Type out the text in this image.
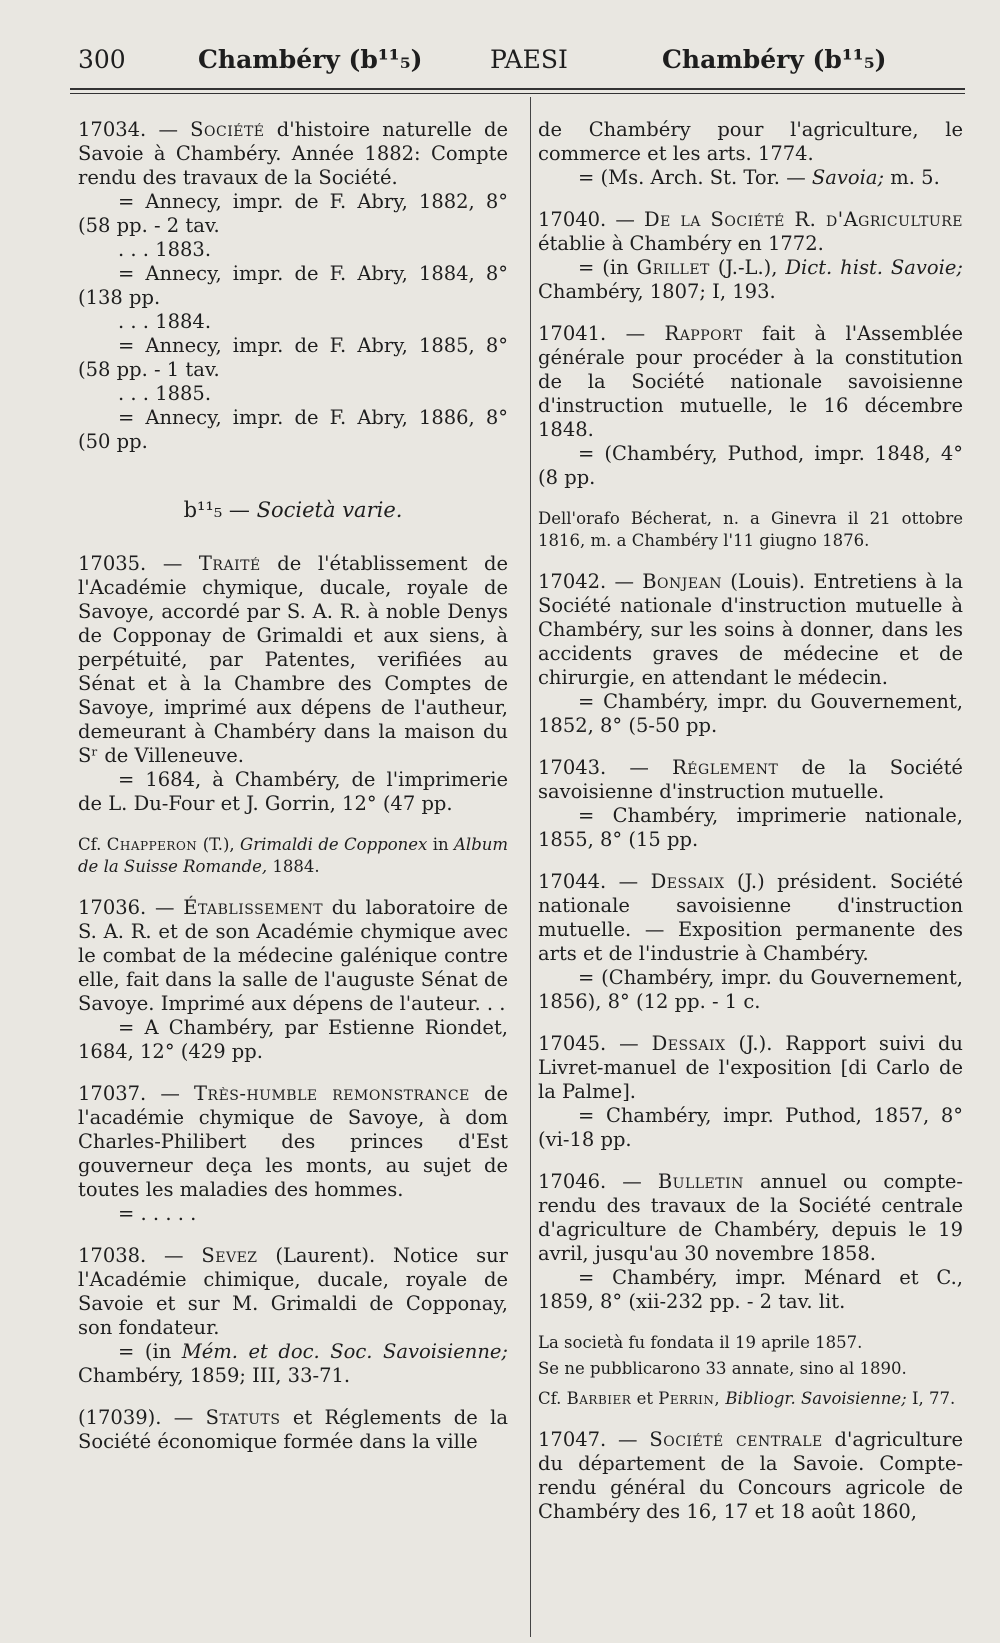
300	Chambéry (b¹¹₅)	PAESI	Chambéry (b¹¹₅)

17034. — Société d'histoire naturelle de Savoie à Chambéry. Année 1882: Compte rendu des travaux de la Société.

= Annecy, impr. de F. Abry, 1882, 8° (58 pp. - 2 tav.

. . . 1883.

= Annecy, impr. de F. Abry, 1884, 8° (138 pp.

. . . 1884.

= Annecy, impr. de F. Abry, 1885, 8° (58 pp. - 1 tav.

. . . 1885.

= Annecy, impr. de F. Abry, 1886, 8° (50 pp.

b¹¹₅ — Società varie.

17035. — Traité de l'établissement de l'Académie chymique, ducale, royale de Savoye, accordé par S. A. R. à noble Denys de Copponay de Grimaldi et aux siens, à perpétuité, par Patentes, verifiées au Sénat et à la Chambre des Comptes de Savoye, imprimé aux dépens de l'autheur, demeurant à Chambéry dans la maison du Sʳ de Villeneuve.

= 1684, à Chambéry, de l'imprimerie de L. Du-Four et J. Gorrin, 12° (47 pp.

Cf. Chapperon (T.), Grimaldi de Copponex in Album de la Suisse Romande, 1884.

17036. — Établissement du laboratoire de S. A. R. et de son Académie chymique avec le combat de la médecine galénique contre elle, fait dans la salle de l'auguste Sénat de Savoye. Imprimé aux dépens de l'auteur. . .

= A Chambéry, par Estienne Riondet, 1684, 12° (429 pp.

17037. — Très-humble remonstrance de l'académie chymique de Savoye, à dom Charles-Philibert des princes d'Est gouverneur deça les monts, au sujet de toutes les maladies des hommes.

= . . . . .

17038. — Sevez (Laurent). Notice sur l'Académie chimique, ducale, royale de Savoie et sur M. Grimaldi de Copponay, son fondateur.

= (in Mém. et doc. Soc. Savoisienne; Chambéry, 1859; III, 33-71.

(17039). — Statuts et Réglements de la Société économique formée dans la ville

de Chambéry pour l'agriculture, le commerce et les arts. 1774.

= (Ms. Arch. St. Tor. — Savoia; m. 5.

17040. — De la Société R. d'Agriculture établie à Chambéry en 1772.

= (in Grillet (J.-L.), Dict. hist. Savoie; Chambéry, 1807; I, 193.

17041. — Rapport fait à l'Assemblée générale pour procéder à la constitution de la Société nationale savoisienne d'instruction mutuelle, le 16 décembre 1848.

= (Chambéry, Puthod, impr. 1848, 4° (8 pp.

Dell'orafo Bécherat, n. a Ginevra il 21 ottobre 1816, m. a Chambéry l'11 giugno 1876.

17042. — Bonjean (Louis). Entretiens à la Société nationale d'instruction mutuelle à Chambéry, sur les soins à donner, dans les accidents graves de médecine et de chirurgie, en attendant le médecin.

= Chambéry, impr. du Gouvernement, 1852, 8° (5-50 pp.

17043. — Réglement de la Société savoisienne d'instruction mutuelle.

= Chambéry, imprimerie nationale, 1855, 8° (15 pp.

17044. — Dessaix (J.) président. Société nationale savoisienne d'instruction mutuelle. — Exposition permanente des arts et de l'industrie à Chambéry.

= (Chambéry, impr. du Gouvernement, 1856), 8° (12 pp. - 1 c.

17045. — Dessaix (J.). Rapport suivi du Livret-manuel de l'exposition [di Carlo de la Palme].

= Chambéry, impr. Puthod, 1857, 8° (vi-18 pp.

17046. — Bulletin annuel ou compte-rendu des travaux de la Société centrale d'agriculture de Chambéry, depuis le 19 avril, jusqu'au 30 novembre 1858.

= Chambéry, impr. Ménard et C., 1859, 8° (xii-232 pp. - 2 tav. lit.

La società fu fondata il 19 aprile 1857.

Se ne pubblicarono 33 annate, sino al 1890.

Cf. Barbier et Perrin, Bibliogr. Savoisienne; I, 77.

17047. — Société centrale d'agriculture du département de la Savoie. Compte-rendu général du Concours agricole de Chambéry des 16, 17 et 18 août 1860,
